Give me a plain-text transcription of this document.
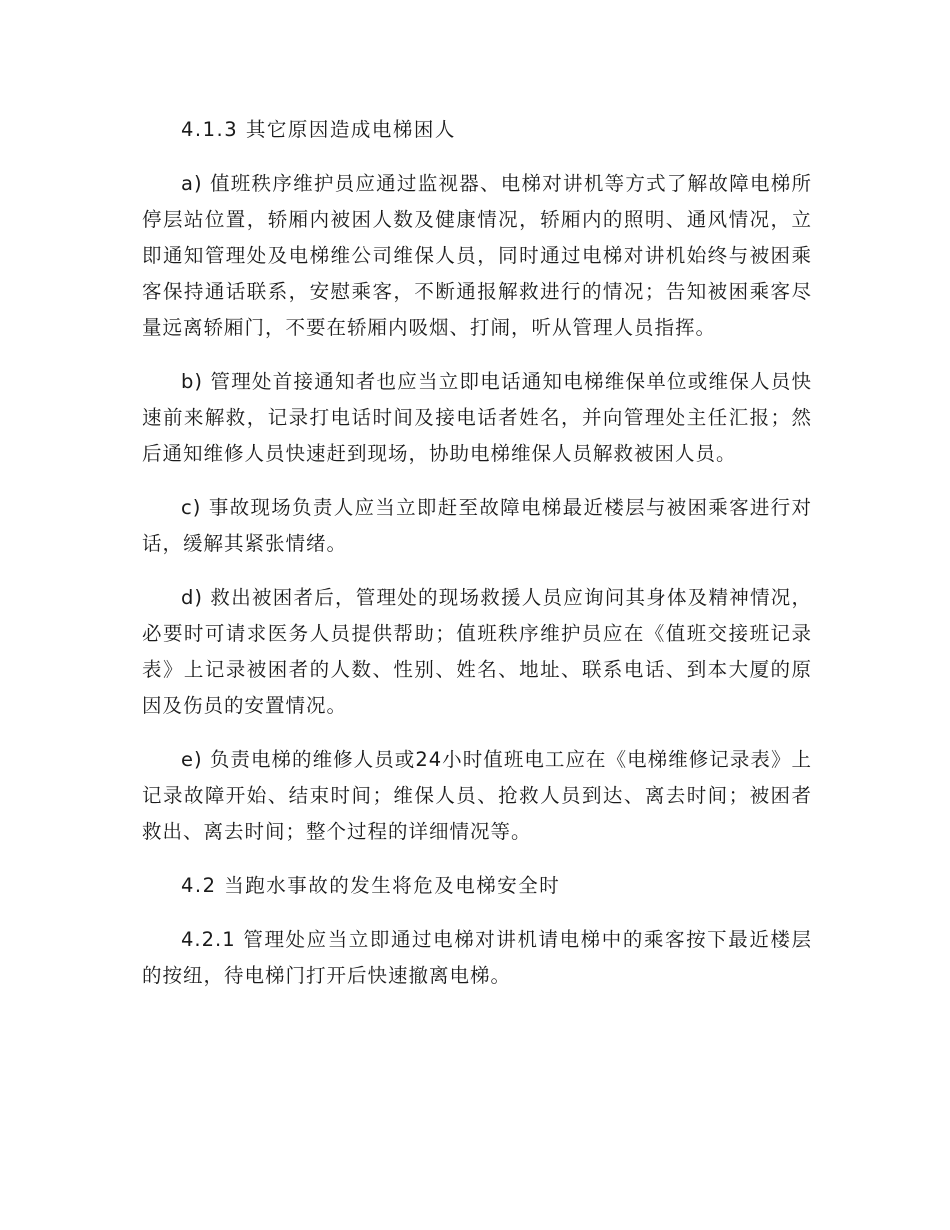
4.1.3 其它原因造成电梯困人

a) 值班秩序维护员应通过监视器、电梯对讲机等方式了解故障电梯所停层站位置，轿厢内被困人数及健康情况，轿厢内的照明、通风情况，立即通知管理处及电梯维公司维保人员，同时通过电梯对讲机始终与被困乘客保持通话联系，安慰乘客，不断通报解救进行的情况；告知被困乘客尽量远离轿厢门，不要在轿厢内吸烟、打闹，听从管理人员指挥。

b) 管理处首接通知者也应当立即电话通知电梯维保单位或维保人员快速前来解救，记录打电话时间及接电话者姓名，并向管理处主任汇报；然后通知维修人员快速赶到现场，协助电梯维保人员解救被困人员。

c) 事故现场负责人应当立即赶至故障电梯最近楼层与被困乘客进行对话，缓解其紧张情绪。

d) 救出被困者后，管理处的现场救援人员应询问其身体及精神情况，必要时可请求医务人员提供帮助；值班秩序维护员应在《值班交接班记录表》上记录被困者的人数、性别、姓名、地址、联系电话、到本大厦的原因及伤员的安置情况。

e) 负责电梯的维修人员或24小时值班电工应在《电梯维修记录表》上记录故障开始、结束时间；维保人员、抢救人员到达、离去时间；被困者救出、离去时间；整个过程的详细情况等。

4.2 当跑水事故的发生将危及电梯安全时

4.2.1 管理处应当立即通过电梯对讲机请电梯中的乘客按下最近楼层的按纽，待电梯门打开后快速撤离电梯。
